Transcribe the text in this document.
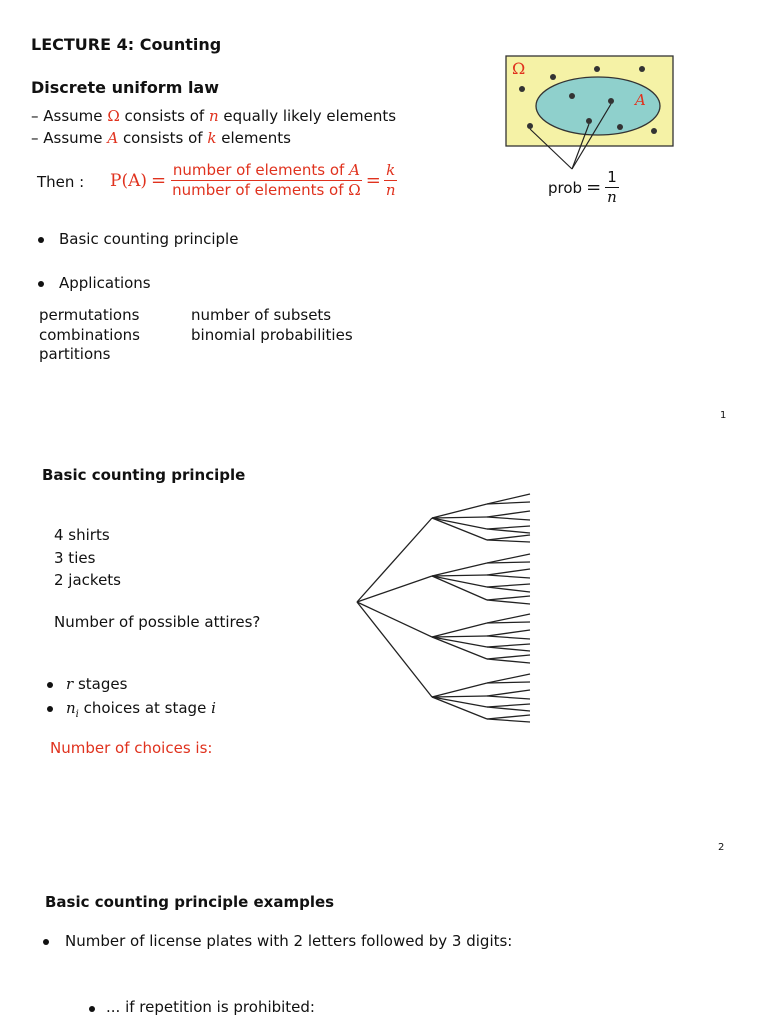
LECTURE 4: Counting
Discrete uniform law
– Assume Ω consists of n equally likely elements
– Assume A consists of k elements
Then : $P(A) = \frac{\text{number of elements of A}}{\text{number of elements of Ω}} = \frac{k}{n}$
Ω
A
prob = $\frac{1}{n}$
Basic counting principle
Applications
permutations
combinations
partitions
number of subsets
binomial probabilities
1
Basic counting principle
4 shirts
3 ties
2 jackets
Number of possible attires?
r stages
$n_i$ choices at stage i
Number of choices is:
2
Basic counting principle examples
Number of license plates with 2 letters followed by 3 digits:
... if repetition is prohibited:
